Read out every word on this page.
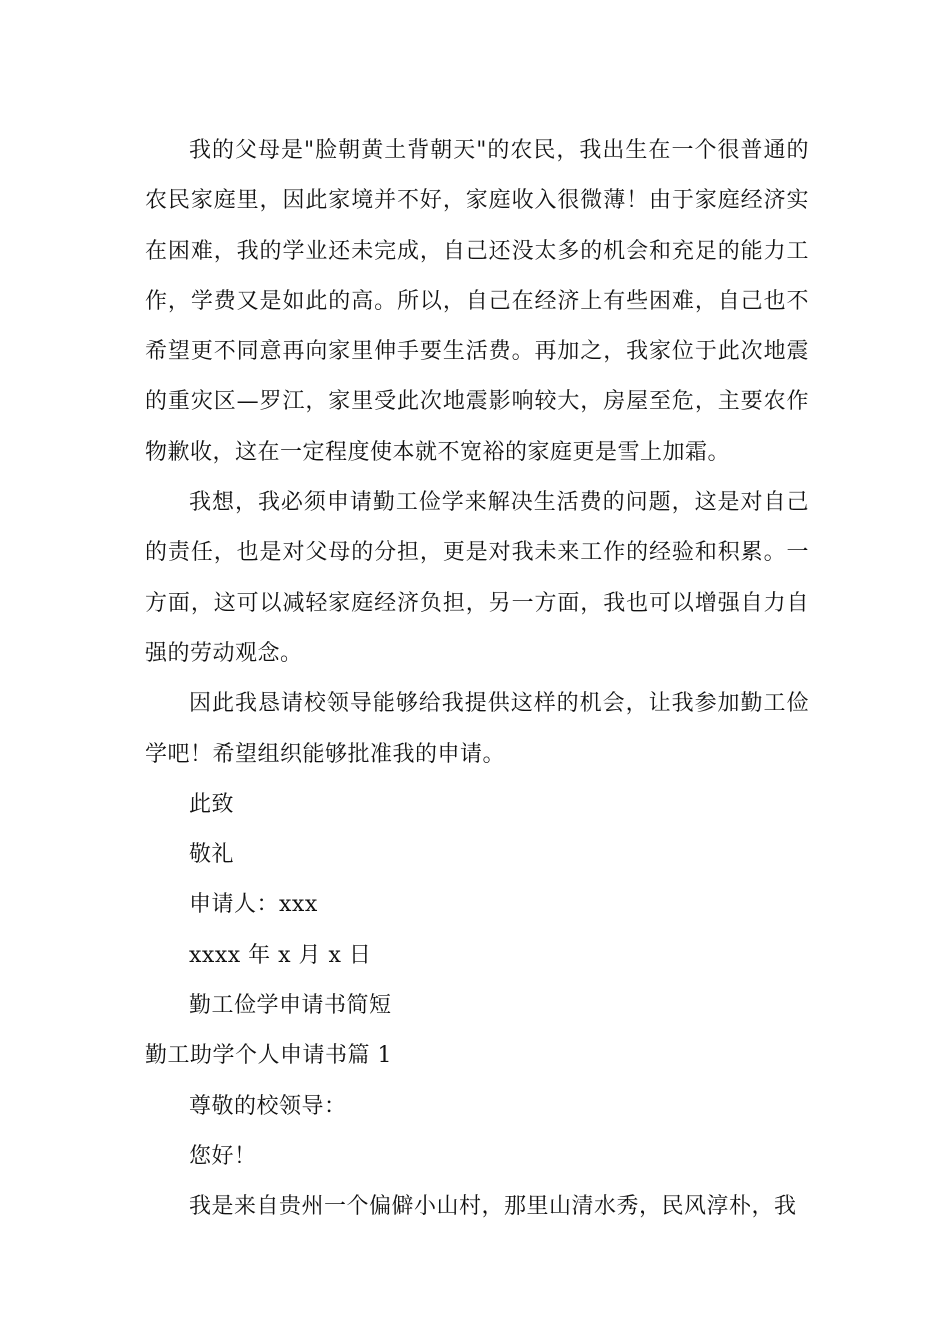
我的父母是"脸朝黄土背朝天"的农民，我出生在一个很普通的农民家庭里，因此家境并不好，家庭收入很微薄！由于家庭经济实在困难，我的学业还未完成，自己还没太多的机会和充足的能力工作，学费又是如此的高。所以，自己在经济上有些困难，自己也不希望更不同意再向家里伸手要生活费。再加之，我家位于此次地震的重灾区—罗江，家里受此次地震影响较大，房屋至危，主要农作物歉收，这在一定程度使本就不宽裕的家庭更是雪上加霜。

我想，我必须申请勤工俭学来解决生活费的问题，这是对自己的责任，也是对父母的分担，更是对我未来工作的经验和积累。一方面，这可以减轻家庭经济负担，另一方面，我也可以增强自力自强的劳动观念。

因此我恳请校领导能够给我提供这样的机会，让我参加勤工俭学吧！希望组织能够批准我的申请。

此致

敬礼

申请人：xxx

xxxx 年 x 月 x 日

勤工俭学申请书简短

勤工助学个人申请书篇 1

尊敬的校领导：

您好！

我是来自贵州一个偏僻小山村，那里山清水秀，民风淳朴，我
